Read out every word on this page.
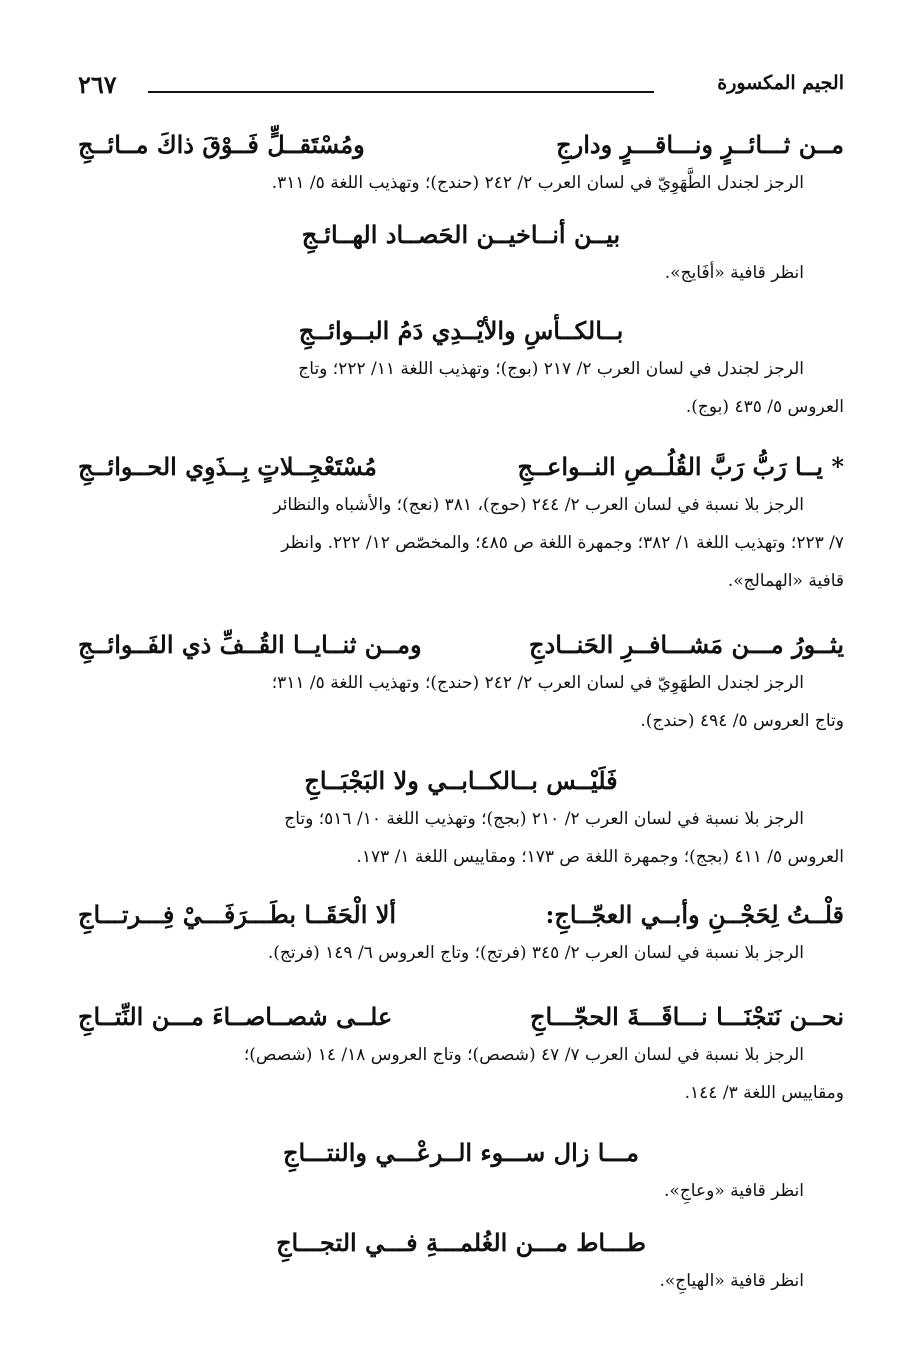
الجيم المكسورة
٢٦٧
مــن ثـــائــرٍ ونـــاقـــرٍ ودارجِ
ومُسْتَقــلٍّ فَــوْقَ ذاكَ مــائــجِ

الرجز لجندل الطَّهَوِيّ في لسان العرب ٢/ ٢٤٢ (حندج)؛ وتهذيب اللغة ٥/ ٣١١.

بيــن أنــاخيــن الحَصــاد الهــائـجِ

انظر قافية «أفَايج».

بــالكــأسِ والأيْــدِي دَمُ البــوائــجِ

الرجز لجندل في لسان العرب ٢/ ٢١٧ (بوج)؛ وتهذيب اللغة ١١/ ٢٢٢؛ وتاج

العروس ٥/ ٤٣٥ (بوج).

* يــا رَبُّ رَبَّ القُلُــصِ النــواعــجِ
مُسْتَعْجِــلاتٍ بِــذَوِي الحــوائــجِ

الرجز بلا نسبة في لسان العرب ٢/ ٢٤٤ (حوج)، ٣٨١ (نعج)؛ والأشباه والنظائر

٧/ ٢٢٣؛ وتهذيب اللغة ١/ ٣٨٢؛ وجمهرة اللغة ص ٤٨٥؛ والمخصّص ١٢/ ٢٢٢. وانظر

قافية «الهمالج».

يثــورُ مـــن مَشـــافــرِ الحَنــادجِ
ومــن ثنــايــا القُــفِّ ذي الفَــوائــجِ

الرجز لجندل الطهَوِيّ في لسان العرب ٢/ ٢٤٢ (حندج)؛ وتهذيب اللغة ٥/ ٣١١؛

وتاج العروس ٥/ ٤٩٤ (حندج).

فَلَيْــس بــالكــابــي ولا البَجْبَــاجِ

الرجز بلا نسبة في لسان العرب ٢/ ٢١٠ (بجج)؛ وتهذيب اللغة ١٠/ ٥١٦؛ وتاج

العروس ٥/ ٤١١ (بجج)؛ وجمهرة اللغة ص ١٧٣؛ ومقاييس اللغة ١/ ١٧٣.

قلْــتُ لِحَجْــنِ وأبــي العجّــاجِ:
ألا الْحَقَــا بطَـــرَفَـــيْ فِـــرتـــاجِ

الرجز بلا نسبة في لسان العرب ٢/ ٣٤٥ (فرتج)؛ وتاج العروس ٦/ ١٤٩ (فرتج).

نحــن نَتجْنَـــا نـــاقَـــةَ الحجّـــاجِ
علــى شصــاصــاءَ مـــن النِّتــاجِ

الرجز بلا نسبة في لسان العرب ٧/ ٤٧ (شصص)؛ وتاج العروس ١٨/ ١٤ (شصص)؛

ومقاييس اللغة ٣/ ١٤٤.

مـــا زال ســـوء الــرعْـــي والنتـــاجِ

انظر قافية «وعاجِ».

طـــاط مـــن الغُلمـــةِ فـــي التجـــاجِ

انظر قافية «الهياجِ».
